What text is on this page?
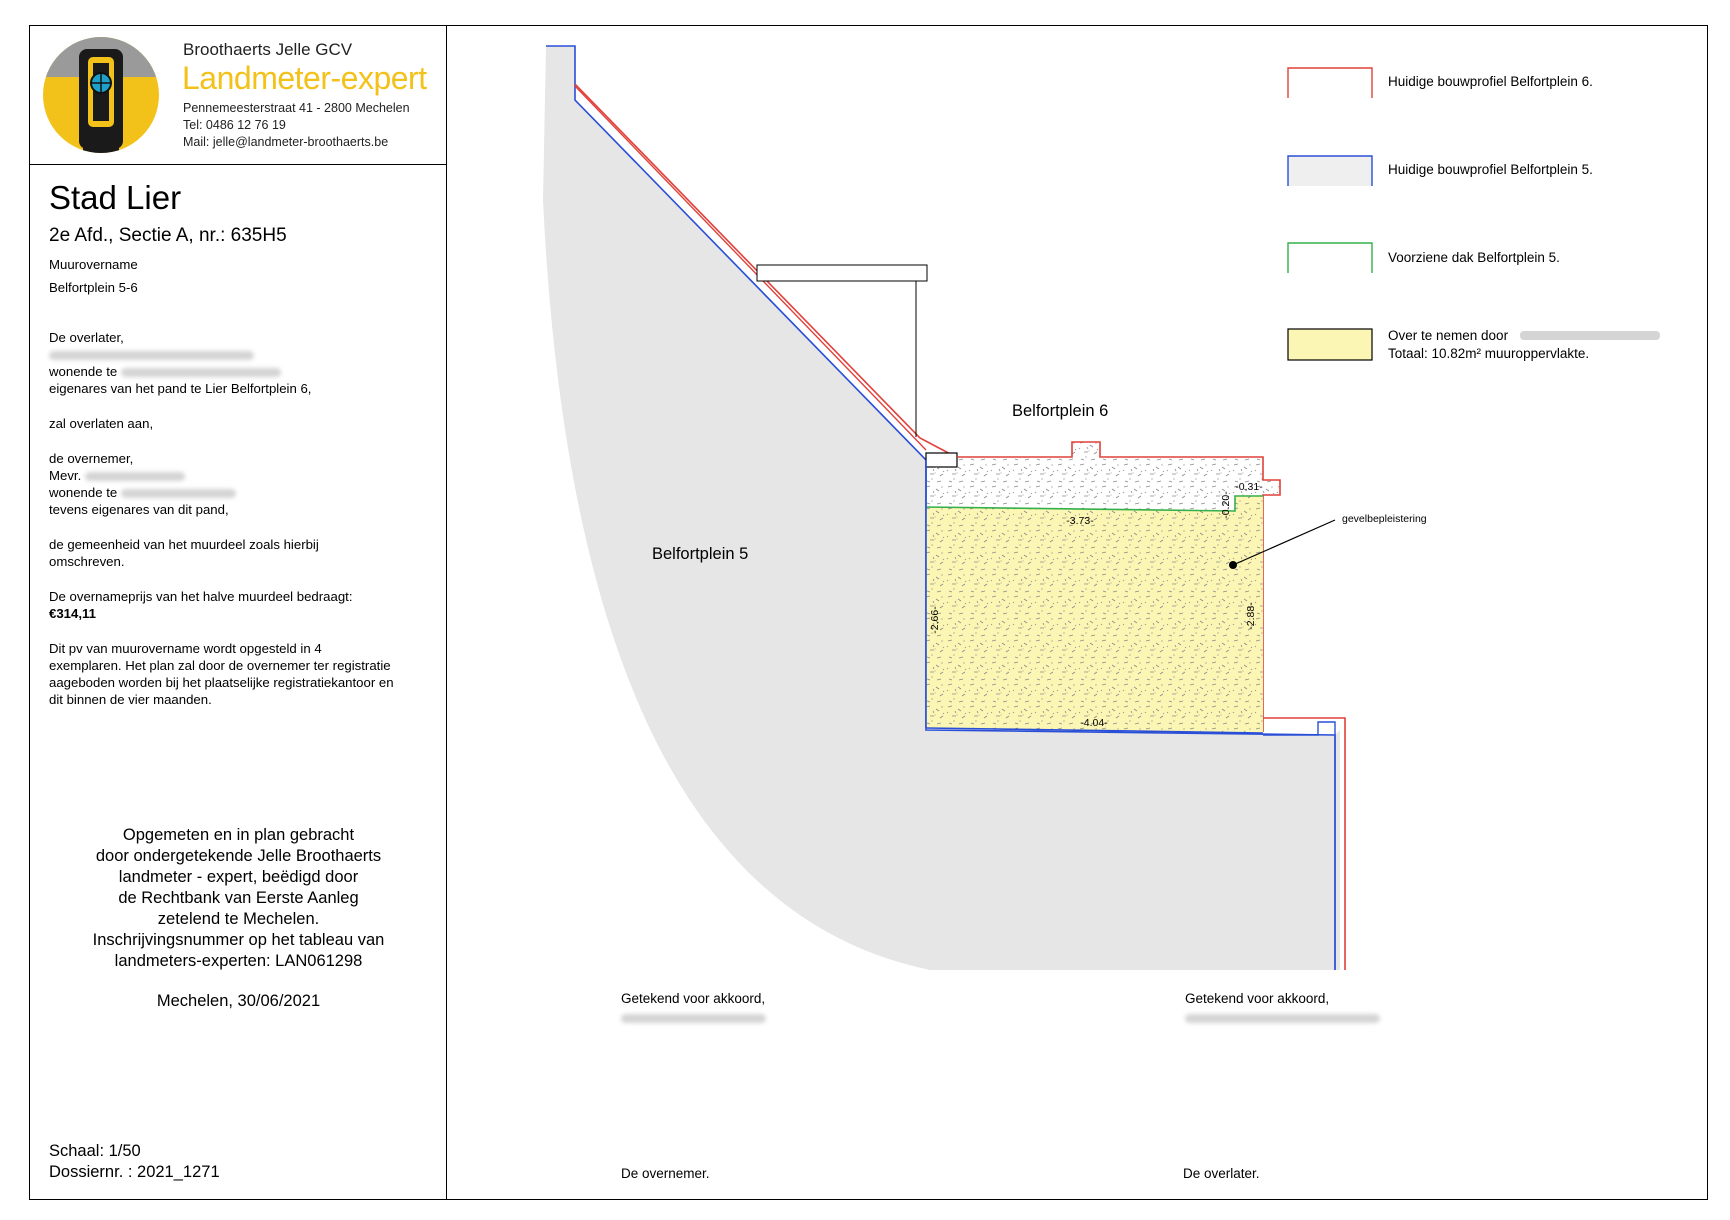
-3.73-
-4.04-
-0.31-
-2.66-
-2.88-
-0.20-
Belfortplein 5
Belfortplein 6
gevelbepleistering
Huidige bouwprofiel Belfortplein 6.
Huidige bouwprofiel Belfortplein 5.
Voorziene dak Belfortplein 5.
Over te nemen door
Totaal: 10.82m² muuroppervlakte.
Broothaerts Jelle GCV
Landmeter-expert
Pennemeesterstraat 41 - 2800 Mechelen
Tel: 0486 12 76 19
Mail: jelle@landmeter-broothaerts.be
Stad Lier
2e Afd., Sectie A, nr.: 635H5
Muurovername
Belfortplein 5-6
De overlater,
wonende te
eigenares van het pand te Lier Belfortplein 6,
zal overlaten aan,
de overnemer,
Mevr.
wonende te
tevens eigenares van dit pand,
de gemeenheid van het muurdeel zoals hierbij
omschreven.
De overnameprijs van het halve muurdeel bedraagt:
€314,11
Dit pv van muurovername wordt opgesteld in 4
exemplaren. Het plan zal door de overnemer ter registratie
aageboden worden bij het plaatselijke registratiekantoor en
dit binnen de vier maanden.
Opgemeten en in plan gebracht
door ondergetekende Jelle Broothaerts
landmeter - expert, beëdigd door
de Rechtbank van Eerste Aanleg
zetelend te Mechelen.
Inschrijvingsnummer op het tableau van
landmeters-experten: LAN061298
Mechelen, 30/06/2021
Schaal: 1/50
Dossiernr. : 2021_1271
Getekend voor akkoord,	Getekend voor akkoord,
De overnemer.	De overlater.
